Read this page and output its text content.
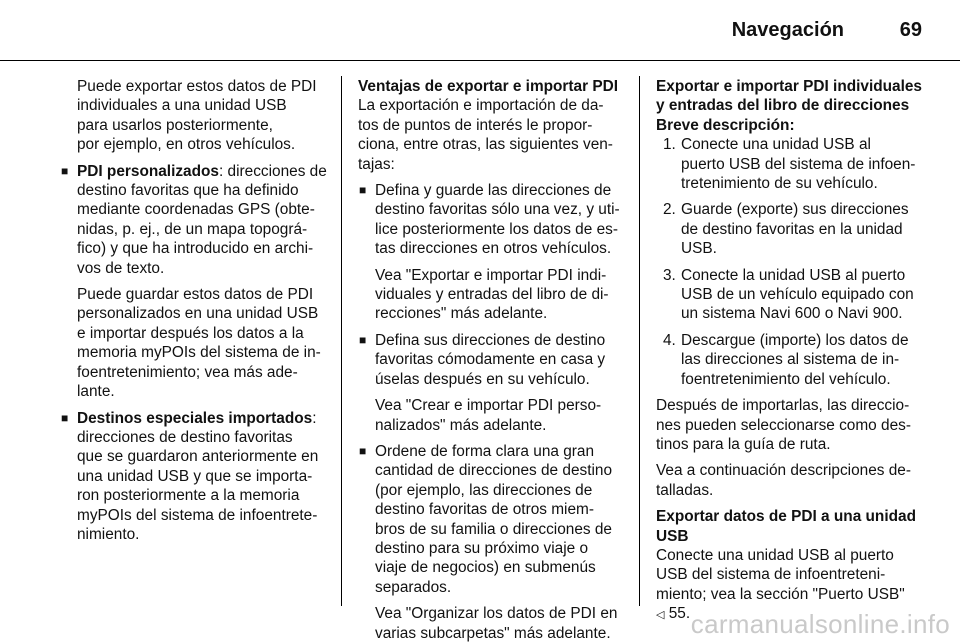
Navegación	69
Puede exportar estos datos de PDI
individuales a una unidad USB
para usarlos posteriormente,
por ejemplo, en otros vehículos.
■ PDI personalizados: direcciones de
destino favoritas que ha definido
mediante coordenadas GPS (obte-
nidas, p. ej., de un mapa topográ-
fico) y que ha introducido en archi-
vos de texto.
Puede guardar estos datos de PDI
personalizados en una unidad USB
e importar después los datos a la
memoria myPOIs del sistema de in-
foentretenimiento; vea más ade-
lante.
■ Destinos especiales importados:
direcciones de destino favoritas
que se guardaron anteriormente en
una unidad USB y que se importa-
ron posteriormente a la memoria
myPOIs del sistema de infoentrete-
nimiento.
Ventajas de exportar e importar PDI
La exportación e importación de da-
tos de puntos de interés le propor-
ciona, entre otras, las siguientes ven-
tajas:
■ Defina y guarde las direcciones de
destino favoritas sólo una vez, y uti-
lice posteriormente los datos de es-
tas direcciones en otros vehículos.
Vea "Exportar e importar PDI indi-
viduales y entradas del libro de di-
recciones" más adelante.
■ Defina sus direcciones de destino
favoritas cómodamente en casa y
úselas después en su vehículo.
Vea "Crear e importar PDI perso-
nalizados" más adelante.
■ Ordene de forma clara una gran
cantidad de direcciones de destino
(por ejemplo, las direcciones de
destino favoritas de otros miem-
bros de su familia o direcciones de
destino para su próximo viaje o
viaje de negocios) en submenús
separados.
Vea "Organizar los datos de PDI en
varias subcarpetas" más adelante.
Exportar e importar PDI individuales
y entradas del libro de direcciones
Breve descripción:
1. Conecte una unidad USB al
puerto USB del sistema de infoen-
tretenimiento de su vehículo.
2. Guarde (exporte) sus direcciones
de destino favoritas en la unidad
USB.
3. Conecte la unidad USB al puerto
USB de un vehículo equipado con
un sistema Navi 600 o Navi 900.
4. Descargue (importe) los datos de
las direcciones al sistema de in-
foentretenimiento del vehículo.
Después de importarlas, las direccio-
nes pueden seleccionarse como des-
tinos para la guía de ruta.
Vea a continuación descripciones de-
talladas.
Exportar datos de PDI a una unidad
USB
Conecte una unidad USB al puerto
USB del sistema de infoentreteni-
miento; vea la sección "Puerto USB"
◁ 55. carmanualsonline.info
